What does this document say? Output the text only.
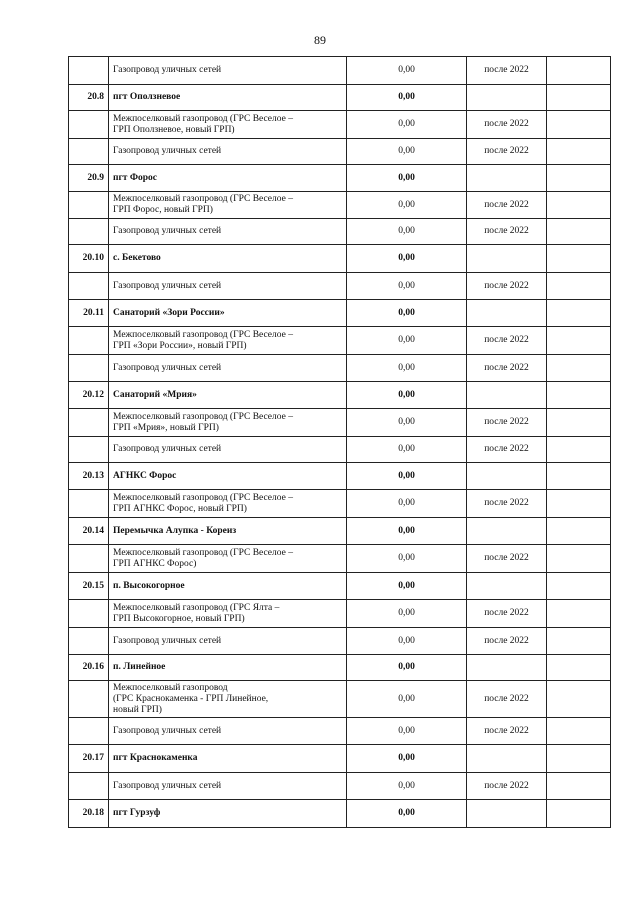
89
	Газопровод уличных сетей	0,00	после 2022	
20.8	пгт Оползневое	0,00		
	Межпоселковый газопровод (ГРС Веселое –
ГРП Оползневое, новый ГРП)	0,00	после 2022	
	Газопровод уличных сетей	0,00	после 2022	
20.9	пгт Форос	0,00		
	Межпоселковый газопровод (ГРС Веселое –
ГРП Форос, новый ГРП)	0,00	после 2022	
	Газопровод уличных сетей	0,00	после 2022	
20.10	с. Бекетово	0,00		
	Газопровод уличных сетей	0,00	после 2022	
20.11	Санаторий «Зори России»	0,00		
	Межпоселковый газопровод (ГРС Веселое –
ГРП «Зори России», новый ГРП)	0,00	после 2022	
	Газопровод уличных сетей	0,00	после 2022	
20.12	Санаторий «Мрия»	0,00		
	Межпоселковый газопровод (ГРС Веселое –
ГРП «Мрия», новый ГРП)	0,00	после 2022	
	Газопровод уличных сетей	0,00	после 2022	
20.13	АГНКС Форос	0,00		
	Межпоселковый газопровод (ГРС Веселое –
ГРП АГНКС Форос, новый ГРП)	0,00	после 2022	
20.14	Перемычка Алупка - Кореиз	0,00		
	Межпоселковый газопровод (ГРС Веселое –
ГРП АГНКС Форос)	0,00	после 2022	
20.15	п. Высокогорное	0,00		
	Межпоселковый газопровод (ГРС Ялта –
ГРП Высокогорное, новый ГРП)	0,00	после 2022	
	Газопровод уличных сетей	0,00	после 2022	
20.16	п. Линейное	0,00		
	Межпоселковый газопровод
(ГРС Краснокаменка - ГРП Линейное,
новый ГРП)	0,00	после 2022	
	Газопровод уличных сетей	0,00	после 2022	
20.17	пгт Краснокаменка	0,00		
	Газопровод уличных сетей	0,00	после 2022	
20.18	пгт Гурзуф	0,00		
